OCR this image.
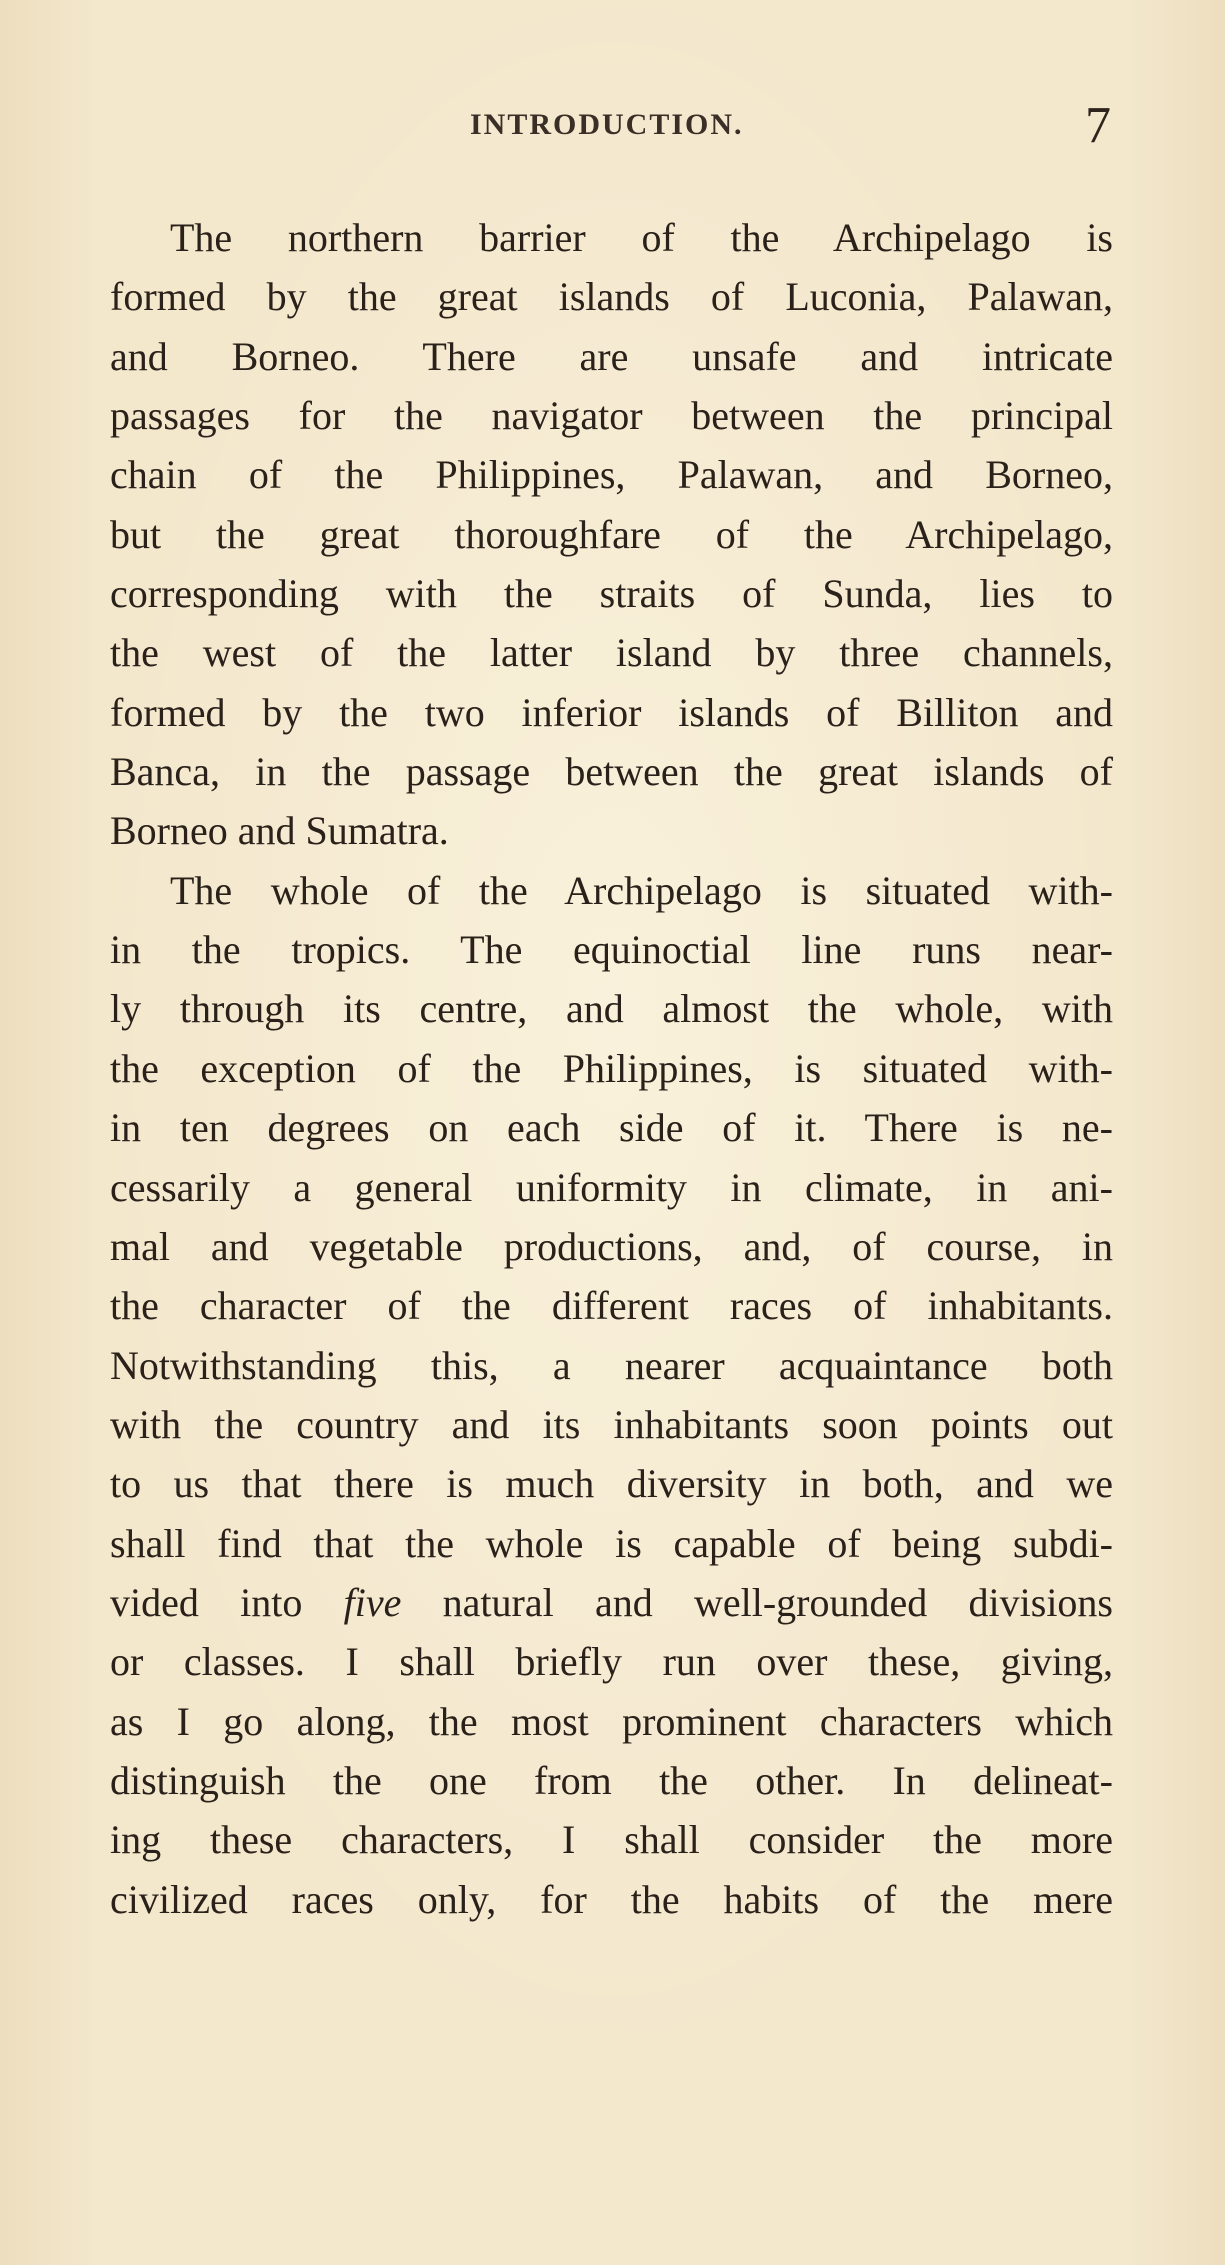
INTRODUCTION.	7
The northern barrier of the Archipelago is
formed by the great islands of Luconia, Palawan,
and Borneo. There are unsafe and intricate
passages for the navigator between the principal
chain of the Philippines, Palawan, and Borneo,
but the great thoroughfare of the Archipelago,
corresponding with the straits of Sunda, lies to
the west of the latter island by three channels,
formed by the two inferior islands of Billiton and
Banca, in the passage between the great islands of
Borneo and Sumatra.
The whole of the Archipelago is situated with-
in the tropics. The equinoctial line runs near-
ly through its centre, and almost the whole, with
the exception of the Philippines, is situated with-
in ten degrees on each side of it. There is ne-
cessarily a general uniformity in climate, in ani-
mal and vegetable productions, and, of course, in
the character of the different races of inhabitants.
Notwithstanding this, a nearer acquaintance both
with the country and its inhabitants soon points out
to us that there is much diversity in both, and we
shall find that the whole is capable of being subdi-
vided into five natural and well-grounded divisions
or classes. I shall briefly run over these, giving,
as I go along, the most prominent characters which
distinguish the one from the other. In delineat-
ing these characters, I shall consider the more
civilized races only, for the habits of the mere
